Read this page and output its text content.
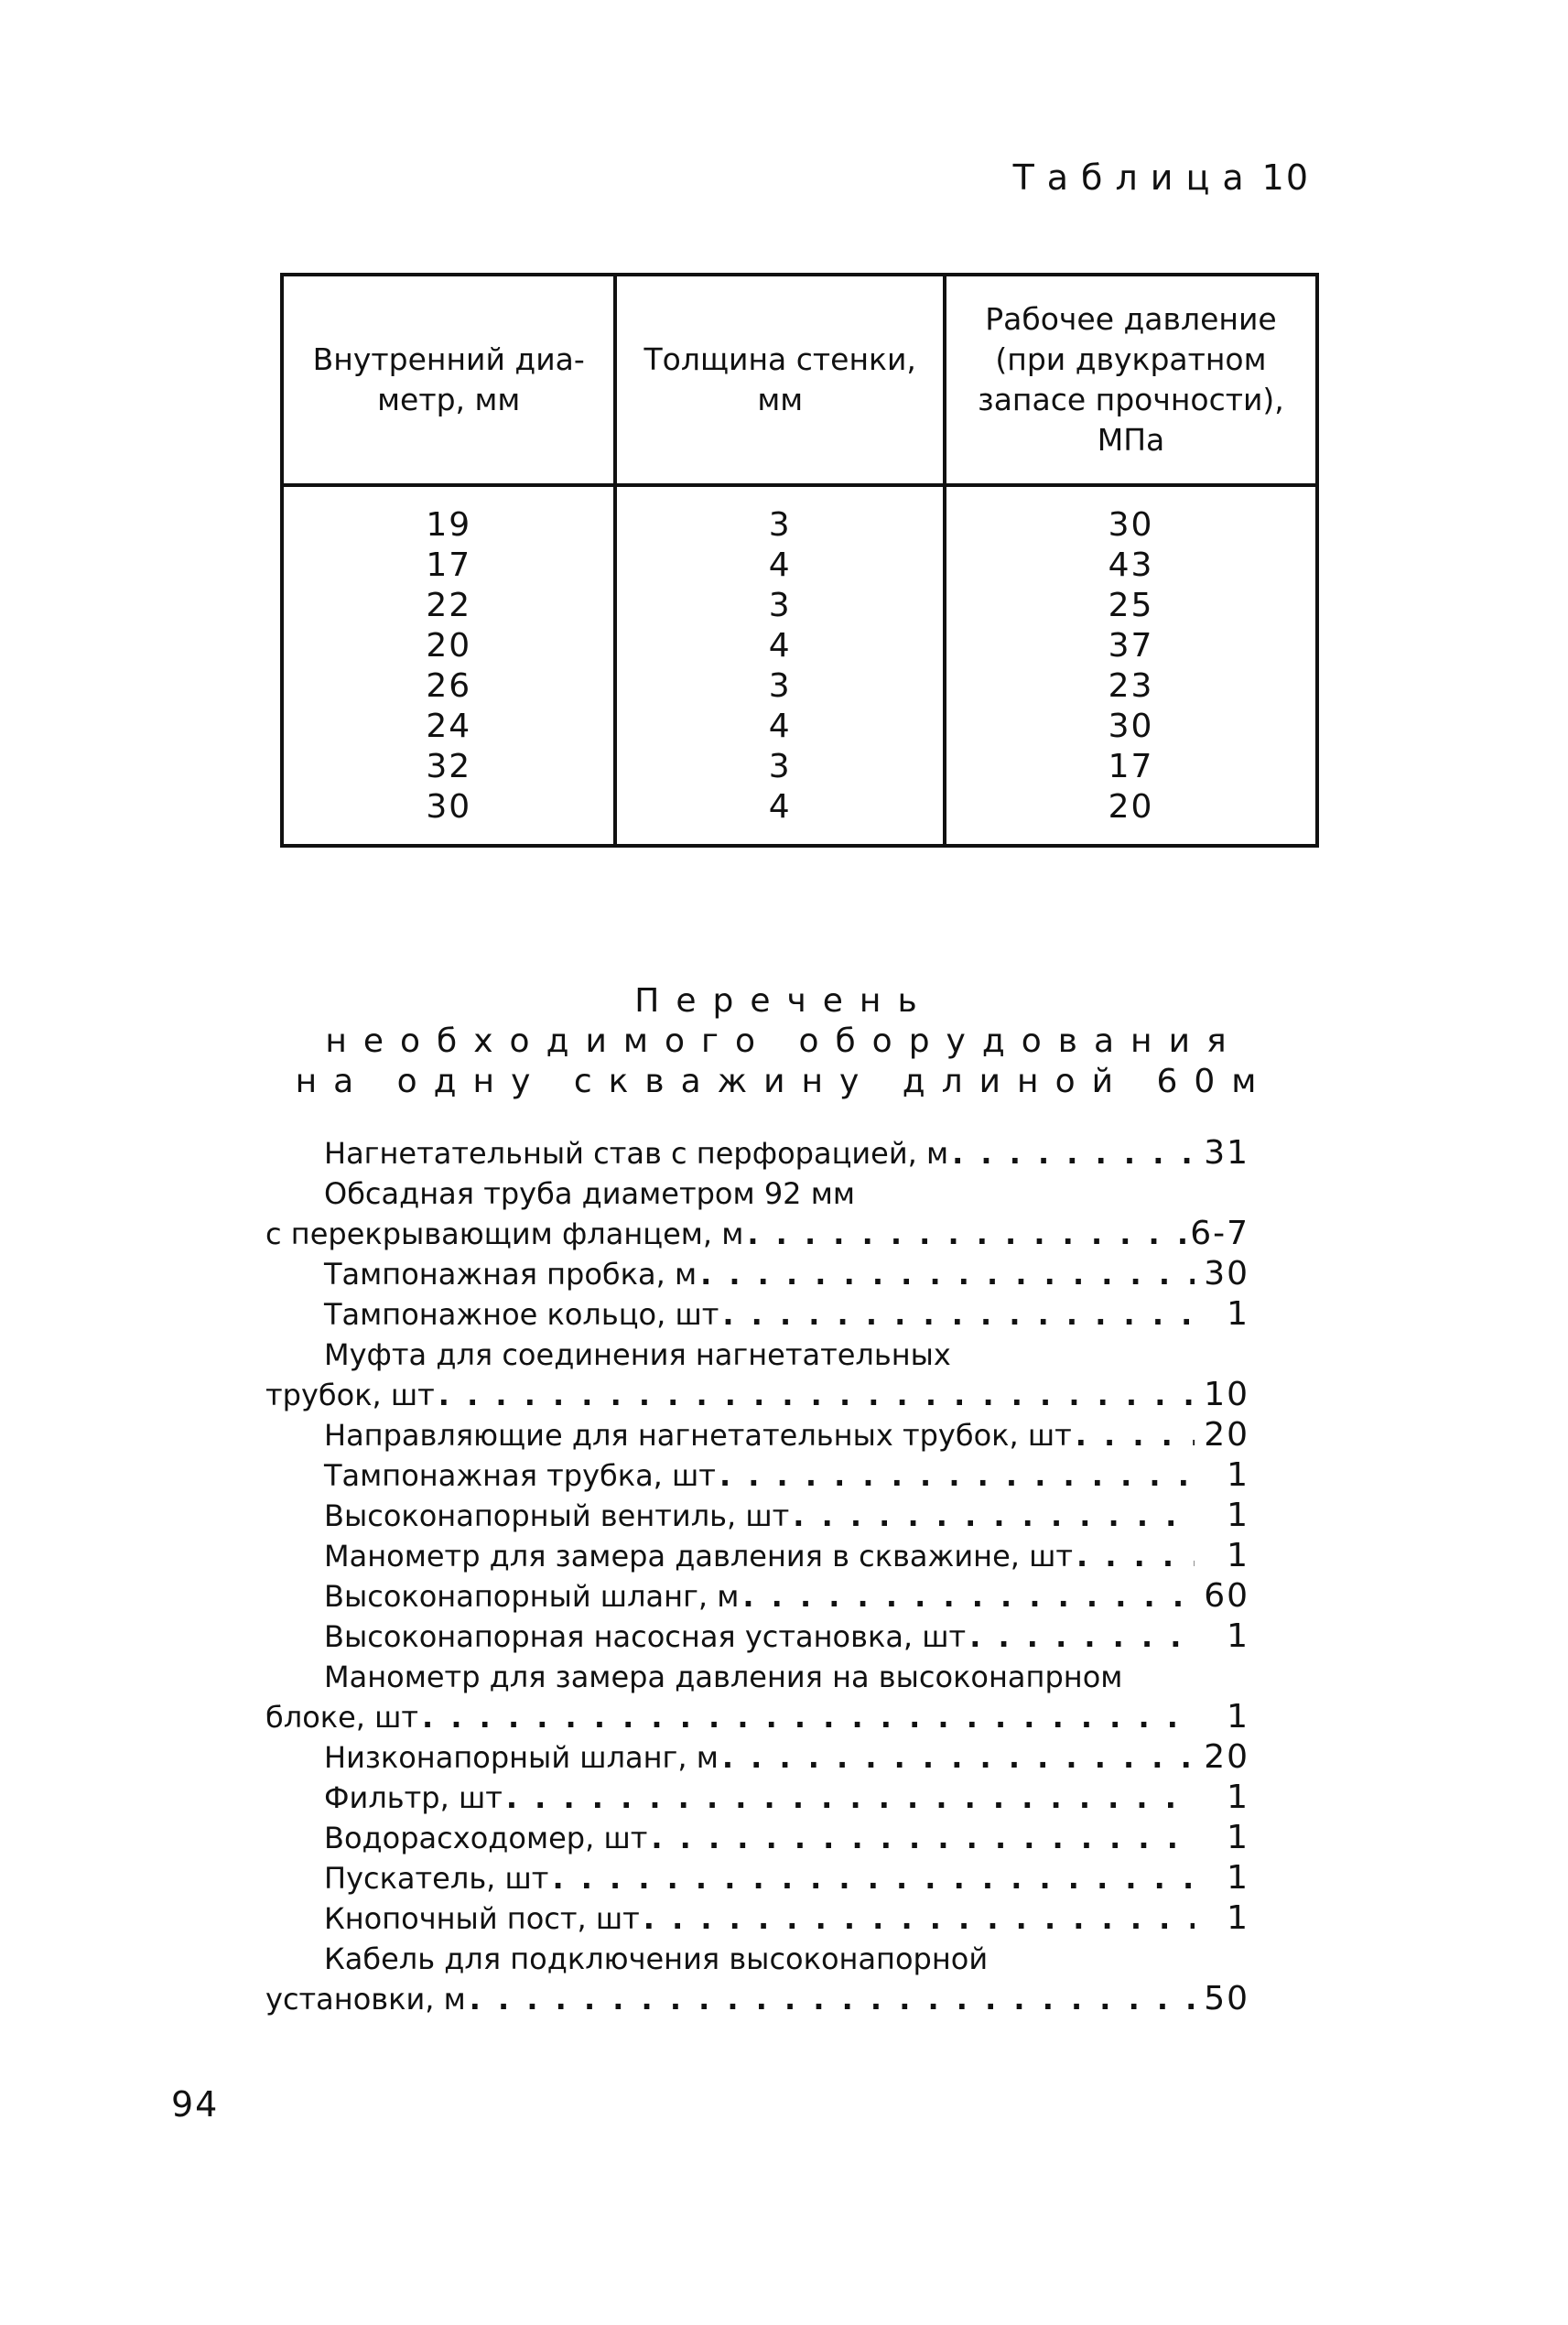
Таблица 10
Внутренний диа-метр, мм	Толщина стенки, мм	Рабочее давление (при двукратном запасе прочности), МПа
19	3	30
17	4	43
22	3	25
20	4	37
26	3	23
24	4	30
32	3	17
30	4	20
Перечень
необходимого оборудования
на одну скважину длиной 60м
Нагнетательный став с перфорацией, м . . .	31
Обсадная труба диаметром 92 мм
с перекрывающим фланцем, м . . .	6-7
Тампонажная пробка, м . . .	30
Тампонажное кольцо, шт . . .	1
Муфта для соединения нагнетательных
трубок, шт . . .	10
Направляющие для нагнетательных трубок, шт . . .	20
Тампонажная трубка, шт . . .	1
Высоконапорный вентиль, шт . . .	1
Манометр для замера давления в скважине, шт . . .	1
Высоконапорный шланг, м . . .	60
Высоконапорная насосная установка, шт . . .	1
Манометр для замера давления на высоконапрном
блоке, шт . . .	1
Низконапорный шланг, м . . .	20
Фильтр, шт . . .	1
Водорасходомер, шт . . .	1
Пускатель, шт . . .	1
Кнопочный пост, шт . . .	1
Кабель для подключения высоконапорной
установки, м . . .	50
94
